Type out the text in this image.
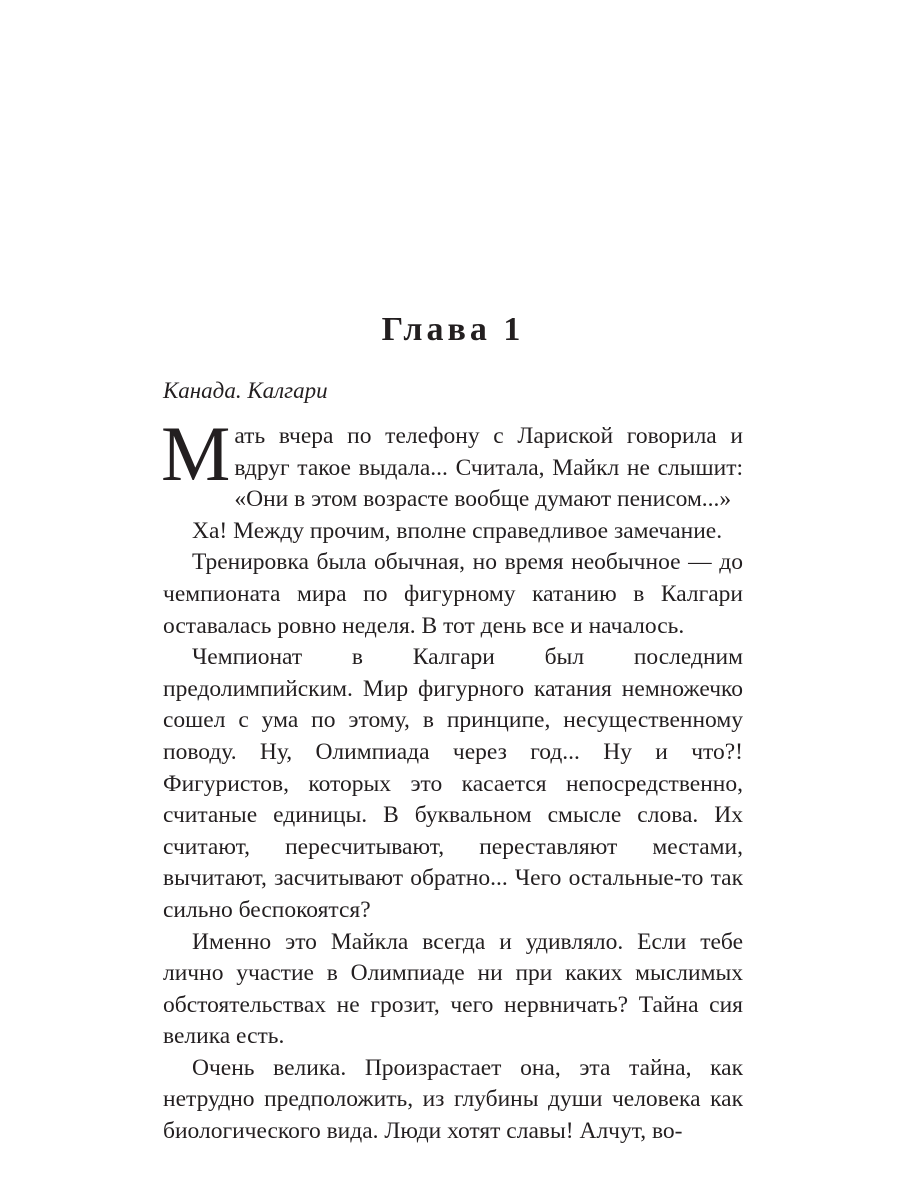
Глава 1

Канада. Калгари

Мать вчера по телефону с Лариской говорила и вдруг такое выдала... Считала, Майкл не слышит: «Они в этом возрасте вообще думают пенисом...»

Ха! Между прочим, вполне справедливое замечание.

Тренировка была обычная, но время необычное — до чемпионата мира по фигурному катанию в Калгари оставалась ровно неделя. В тот день все и началось.

Чемпионат в Калгари был последним предолимпийским. Мир фигурного катания немножечко сошел с ума по этому, в принципе, несущественному поводу. Ну, Олимпиада через год... Ну и что?! Фигуристов, которых это касается непосредственно, считаные единицы. В буквальном смысле слова. Их считают, пересчитывают, переставляют местами, вычитают, засчитывают обратно... Чего остальные-то так сильно беспокоятся?

Именно это Майкла всегда и удивляло. Если тебе лично участие в Олимпиаде ни при каких мыслимых обстоятельствах не грозит, чего нервничать? Тайна сия велика есть.

Очень велика. Произрастает она, эта тайна, как нетрудно предположить, из глубины души человека как биологического вида. Люди хотят славы! Алчут, во-
